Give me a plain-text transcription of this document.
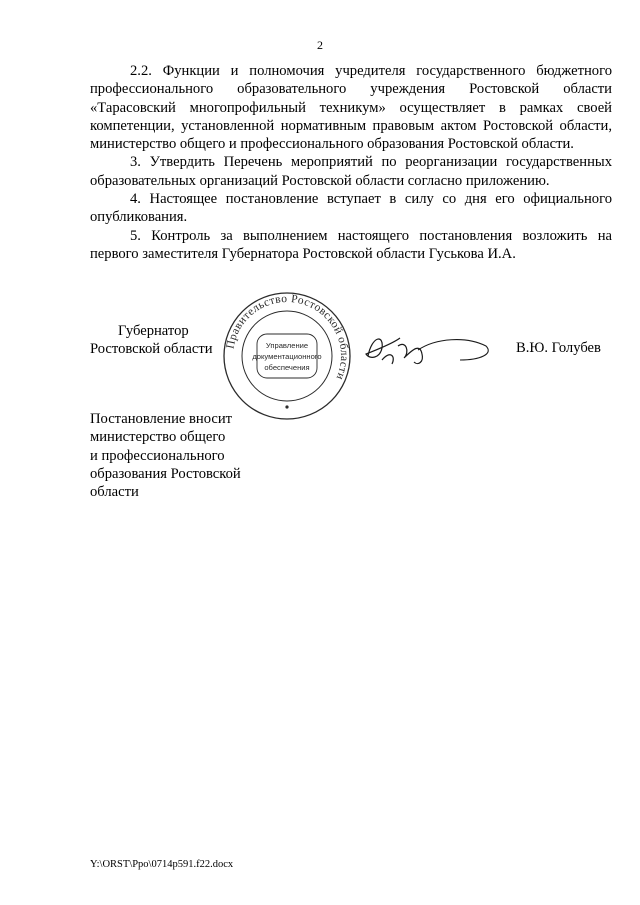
2

2.2. Функции и полномочия учредителя государственного бюджетного профессионального образовательного учреждения Ростовской области «Тарасовский многопрофильный техникум» осуществляет в рамках своей компетенции, установленной нормативным правовым актом Ростовской области, министерство общего и профессионального образования Ростовской области.

3. Утвердить Перечень мероприятий по реорганизации государственных образовательных организаций Ростовской области согласно приложению.

4. Настоящее постановление вступает в силу со дня его официального опубликования.

5. Контроль за выполнением настоящего постановления возложить на первого заместителя Губернатора Ростовской области Гуськова И.А.

Губернатор
Ростовской области Правительство Ростовской области
Управление
документационного
обеспечения
В.Ю. Голубев
Постановление вносит
министерство общего
и профессионального
образования Ростовской
области
Y:\ORST\Ppo\0714p591.f22.docx
